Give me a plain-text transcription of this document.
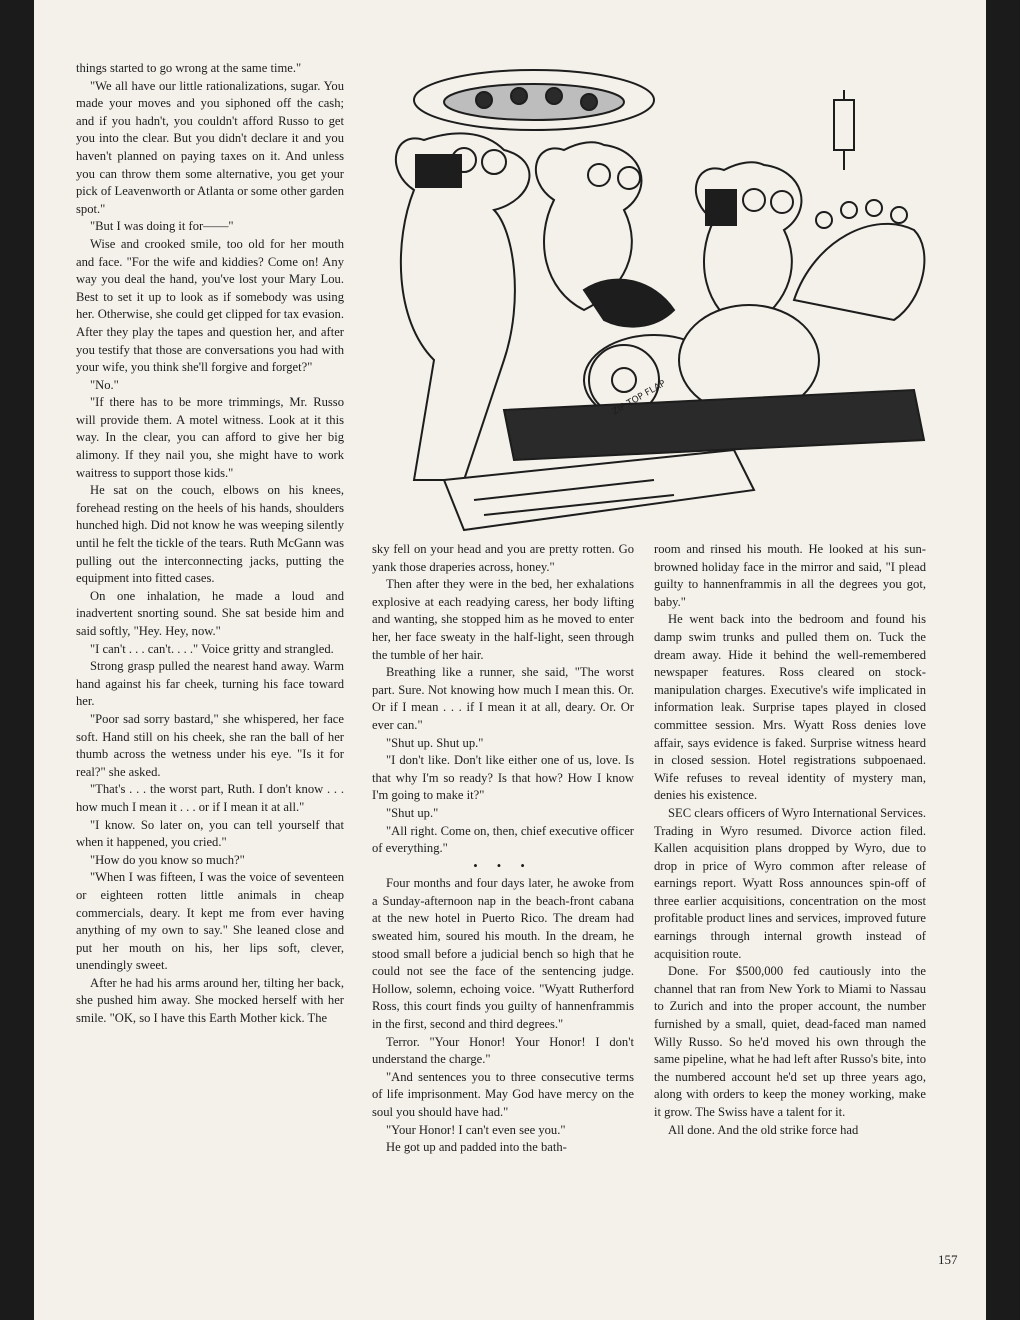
things started to go wrong at the same time."

"We all have our little rationalizations, sugar. You made your moves and you siphoned off the cash; and if you hadn't, you couldn't afford Russo to get you into the clear. But you didn't declare it and you haven't planned on paying taxes on it. And unless you can throw them some alternative, you get your pick of Leavenworth or Atlanta or some other garden spot."

"But I was doing it for——"

Wise and crooked smile, too old for her mouth and face. "For the wife and kiddies? Come on! Any way you deal the hand, you've lost your Mary Lou. Best to set it up to look as if somebody was using her. Otherwise, she could get clipped for tax evasion. After they play the tapes and question her, and after you testify that those are conversations you had with your wife, you think she'll forgive and forget?"

"No."

"If there has to be more trimmings, Mr. Russo will provide them. A motel witness. Look at it this way. In the clear, you can afford to give her big alimony. If they nail you, she might have to work waitress to support those kids."

He sat on the couch, elbows on his knees, forehead resting on the heels of his hands, shoulders hunched high. Did not know he was weeping silently until he felt the tickle of the tears. Ruth McGann was pulling out the interconnecting jacks, putting the equipment into fitted cases.

On one inhalation, he made a loud and inadvertent snorting sound. She sat beside him and said softly, "Hey. Hey, now."

"I can't . . . can't. . . ." Voice gritty and strangled.

Strong grasp pulled the nearest hand away. Warm hand against his far cheek, turning his face toward her.

"Poor sad sorry bastard," she whispered, her face soft. Hand still on his cheek, she ran the ball of her thumb across the wetness under his eye. "Is it for real?" she asked.

"That's . . . the worst part, Ruth. I don't know . . . how much I mean it . . . or if I mean it at all."

"I know. So later on, you can tell yourself that when it happened, you cried."

"How do you know so much?"

"When I was fifteen, I was the voice of seventeen or eighteen rotten little animals in cheap commercials, deary. It kept me from ever having anything of my own to say." She leaned close and put her mouth on his, her lips soft, clever, unendingly sweet.

After he had his arms around her, tilting her back, she pushed him away. She mocked herself with her smile. "OK, so I have this Earth Mother kick. The

ZIP TOP FLAP

sky fell on your head and you are pretty rotten. Go yank those draperies across, honey."

Then after they were in the bed, her exhalations explosive at each readying caress, her body lifting and wanting, she stopped him as he moved to enter her, her face sweaty in the half-light, seen through the tumble of her hair.

Breathing like a runner, she said, "The worst part. Sure. Not knowing how much I mean this. Or. Or if I mean . . . if I mean it at all, deary. Or. Or ever can."

"Shut up. Shut up."

"I don't like. Don't like either one of us, love. Is that why I'm so ready? Is that how? How I know I'm going to make it?"

"Shut up."

"All right. Come on, then, chief executive officer of everything."

• • •

Four months and four days later, he awoke from a Sunday-afternoon nap in the beach-front cabana at the new hotel in Puerto Rico. The dream had sweated him, soured his mouth. In the dream, he stood small before a judicial bench so high that he could not see the face of the sentencing judge. Hollow, solemn, echoing voice. "Wyatt Rutherford Ross, this court finds you guilty of hannenframmis in the first, second and third degrees."

Terror. "Your Honor! Your Honor! I don't understand the charge."

"And sentences you to three consecutive terms of life imprisonment. May God have mercy on the soul you should have had."

"Your Honor! I can't even see you."

He got up and padded into the bath-

room and rinsed his mouth. He looked at his sun-browned holiday face in the mirror and said, "I plead guilty to hannenframmis in all the degrees you got, baby."

He went back into the bedroom and found his damp swim trunks and pulled them on. Tuck the dream away. Hide it behind the well-remembered newspaper features. Ross cleared on stock-manipulation charges. Executive's wife implicated in information leak. Surprise tapes played in closed committee session. Mrs. Wyatt Ross denies love affair, says evidence is faked. Surprise witness heard in closed session. Hotel registrations subpoenaed. Wife refuses to reveal identity of mystery man, denies his existence.

SEC clears officers of Wyro International Services. Trading in Wyro resumed. Divorce action filed. Kallen acquisition plans dropped by Wyro, due to drop in price of Wyro common after release of earnings report. Wyatt Ross announces spin-off of three earlier acquisitions, concentration on the most profitable product lines and services, improved future earnings through internal growth instead of acquisition route.

Done. For $500,000 fed cautiously into the channel that ran from New York to Miami to Nassau to Zurich and into the proper account, the number furnished by a small, quiet, dead-faced man named Willy Russo. So he'd moved his own through the same pipeline, what he had left after Russo's bite, into the numbered account he'd set up three years ago, along with orders to keep the money working, make it grow. The Swiss have a talent for it.

All done. And the old strike force had

157
